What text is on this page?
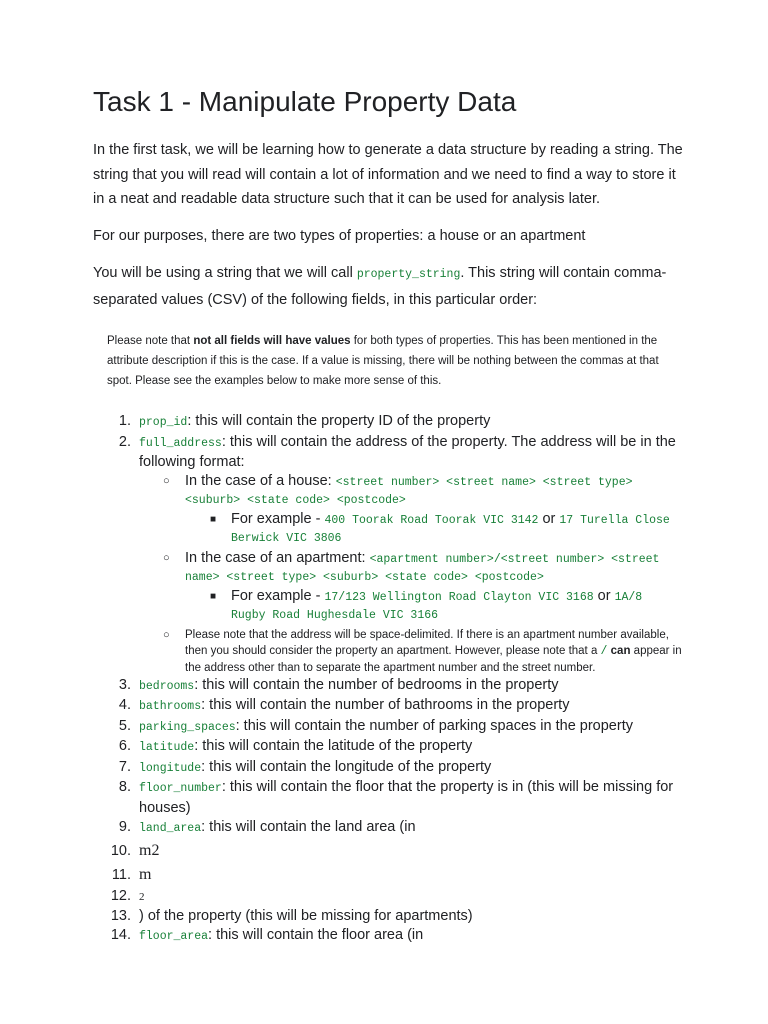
Task 1 - Manipulate Property Data

In the first task, we will be learning how to generate a data structure by reading a string. The string that you will read will contain a lot of information and we need to find a way to store it in a neat and readable data structure such that it can be used for analysis later.

For our purposes, there are two types of properties: a house or an apartment

You will be using a string that we will call property_string. This string will contain comma-separated values (CSV) of the following fields, in this particular order:

Please note that not all fields will have values for both types of properties. This has been mentioned in the attribute description if this is the case. If a value is missing, there will be nothing between the commas at that spot. Please see the examples below to make more sense of this.

1. prop_id: this will contain the property ID of the property
2. full_address: this will contain the address of the property. The address will be in the following format:
○ In the case of a house: <street number> <street name> <street type> <suburb> <state code> <postcode>
■ For example - 400 Toorak Road Toorak VIC 3142 or 17 Turella Close Berwick VIC 3806
○ In the case of an apartment: <apartment number>/<street number> <street name> <street type> <suburb> <state code> <postcode>
■ For example - 17/123 Wellington Road Clayton VIC 3168 or 1A/8 Rugby Road Hughesdale VIC 3166
○ Please note that the address will be space-delimited. If there is an apartment number available, then you should consider the property an apartment. However, please note that a / can appear in the address other than to separate the apartment number and the street number.
3. bedrooms: this will contain the number of bedrooms in the property
4. bathrooms: this will contain the number of bathrooms in the property
5. parking_spaces: this will contain the number of parking spaces in the property
6. latitude: this will contain the latitude of the property
7. longitude: this will contain the longitude of the property
8. floor_number: this will contain the floor that the property is in (this will be missing for houses)
9. land_area: this will contain the land area (in
10. m2
11. m
12. 2
13. ) of the property (this will be missing for apartments)
14. floor_area: this will contain the floor area (in
